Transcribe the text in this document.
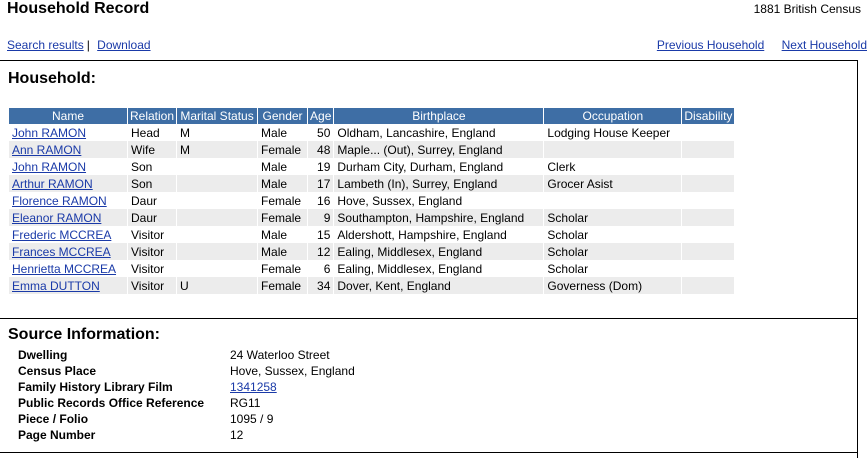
Household Record	1881 British Census
Search results | Download	Previous Household Next Household
Household:
Name	Relation	Marital Status	Gender	Age	Birthplace	Occupation	Disability
John RAMON	Head	M	Male	50	Oldham, Lancashire, England	Lodging House Keeper	
Ann RAMON	Wife	M	Female	48	Maple... (Out), Surrey, England		
John RAMON	Son		Male	19	Durham City, Durham, England	Clerk	
Arthur RAMON	Son		Male	17	Lambeth (In), Surrey, England	Grocer Asist	
Florence RAMON	Daur		Female	16	Hove, Sussex, England		
Eleanor RAMON	Daur		Female	9	Southampton, Hampshire, England	Scholar	
Frederic MCCREA	Visitor		Male	15	Aldershott, Hampshire, England	Scholar	
Frances MCCREA	Visitor		Male	12	Ealing, Middlesex, England	Scholar	
Henrietta MCCREA	Visitor		Female	6	Ealing, Middlesex, England	Scholar	
Emma DUTTON	Visitor	U	Female	34	Dover, Kent, England	Governess (Dom)	
Source Information:
Dwelling	24 Waterloo Street
Census Place	Hove, Sussex, England
Family History Library Film	1341258
Public Records Office Reference	RG11
Piece / Folio	1095 / 9
Page Number	12
